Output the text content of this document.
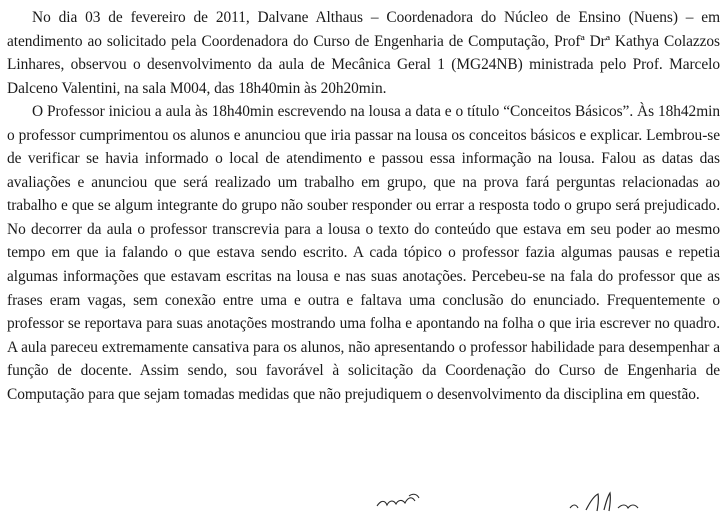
No dia 03 de fevereiro de 2011, Dalvane Althaus – Coordenadora do Núcleo de Ensino (Nuens) – em atendimento ao solicitado pela Coordenadora do Curso de Engenharia de Computação, Profª Drª Kathya Colazzos Linhares, observou o desenvolvimento da aula de Mecânica Geral 1 (MG24NB) ministrada pelo Prof. Marcelo Dalceno Valentini, na sala M004, das 18h40min às 20h20min.

O Professor iniciou a aula às 18h40min escrevendo na lousa a data e o título “Conceitos Básicos”. Às 18h42min o professor cumprimentou os alunos e anunciou que iria passar na lousa os conceitos básicos e explicar. Lembrou-se de verificar se havia informado o local de atendimento e passou essa informação na lousa. Falou as datas das avaliações e anunciou que será realizado um trabalho em grupo, que na prova fará perguntas relacionadas ao trabalho e que se algum integrante do grupo não souber responder ou errar a resposta todo o grupo será prejudicado. No decorrer da aula o professor transcrevia para a lousa o texto do conteúdo que estava em seu poder ao mesmo tempo em que ia falando o que estava sendo escrito. A cada tópico o professor fazia algumas pausas e repetia algumas informações que estavam escritas na lousa e nas suas anotações. Percebeu-se na fala do professor que as frases eram vagas, sem conexão entre uma e outra e faltava uma conclusão do enunciado. Frequentemente o professor se reportava para suas anotações mostrando uma folha e apontando na folha o que iria escrever no quadro. A aula pareceu extremamente cansativa para os alunos, não apresentando o professor habilidade para desempenhar a função de docente. Assim sendo, sou favorável à solicitação da Coordenação do Curso de Engenharia de Computação para que sejam tomadas medidas que não prejudiquem o desenvolvimento da disciplina em questão.
